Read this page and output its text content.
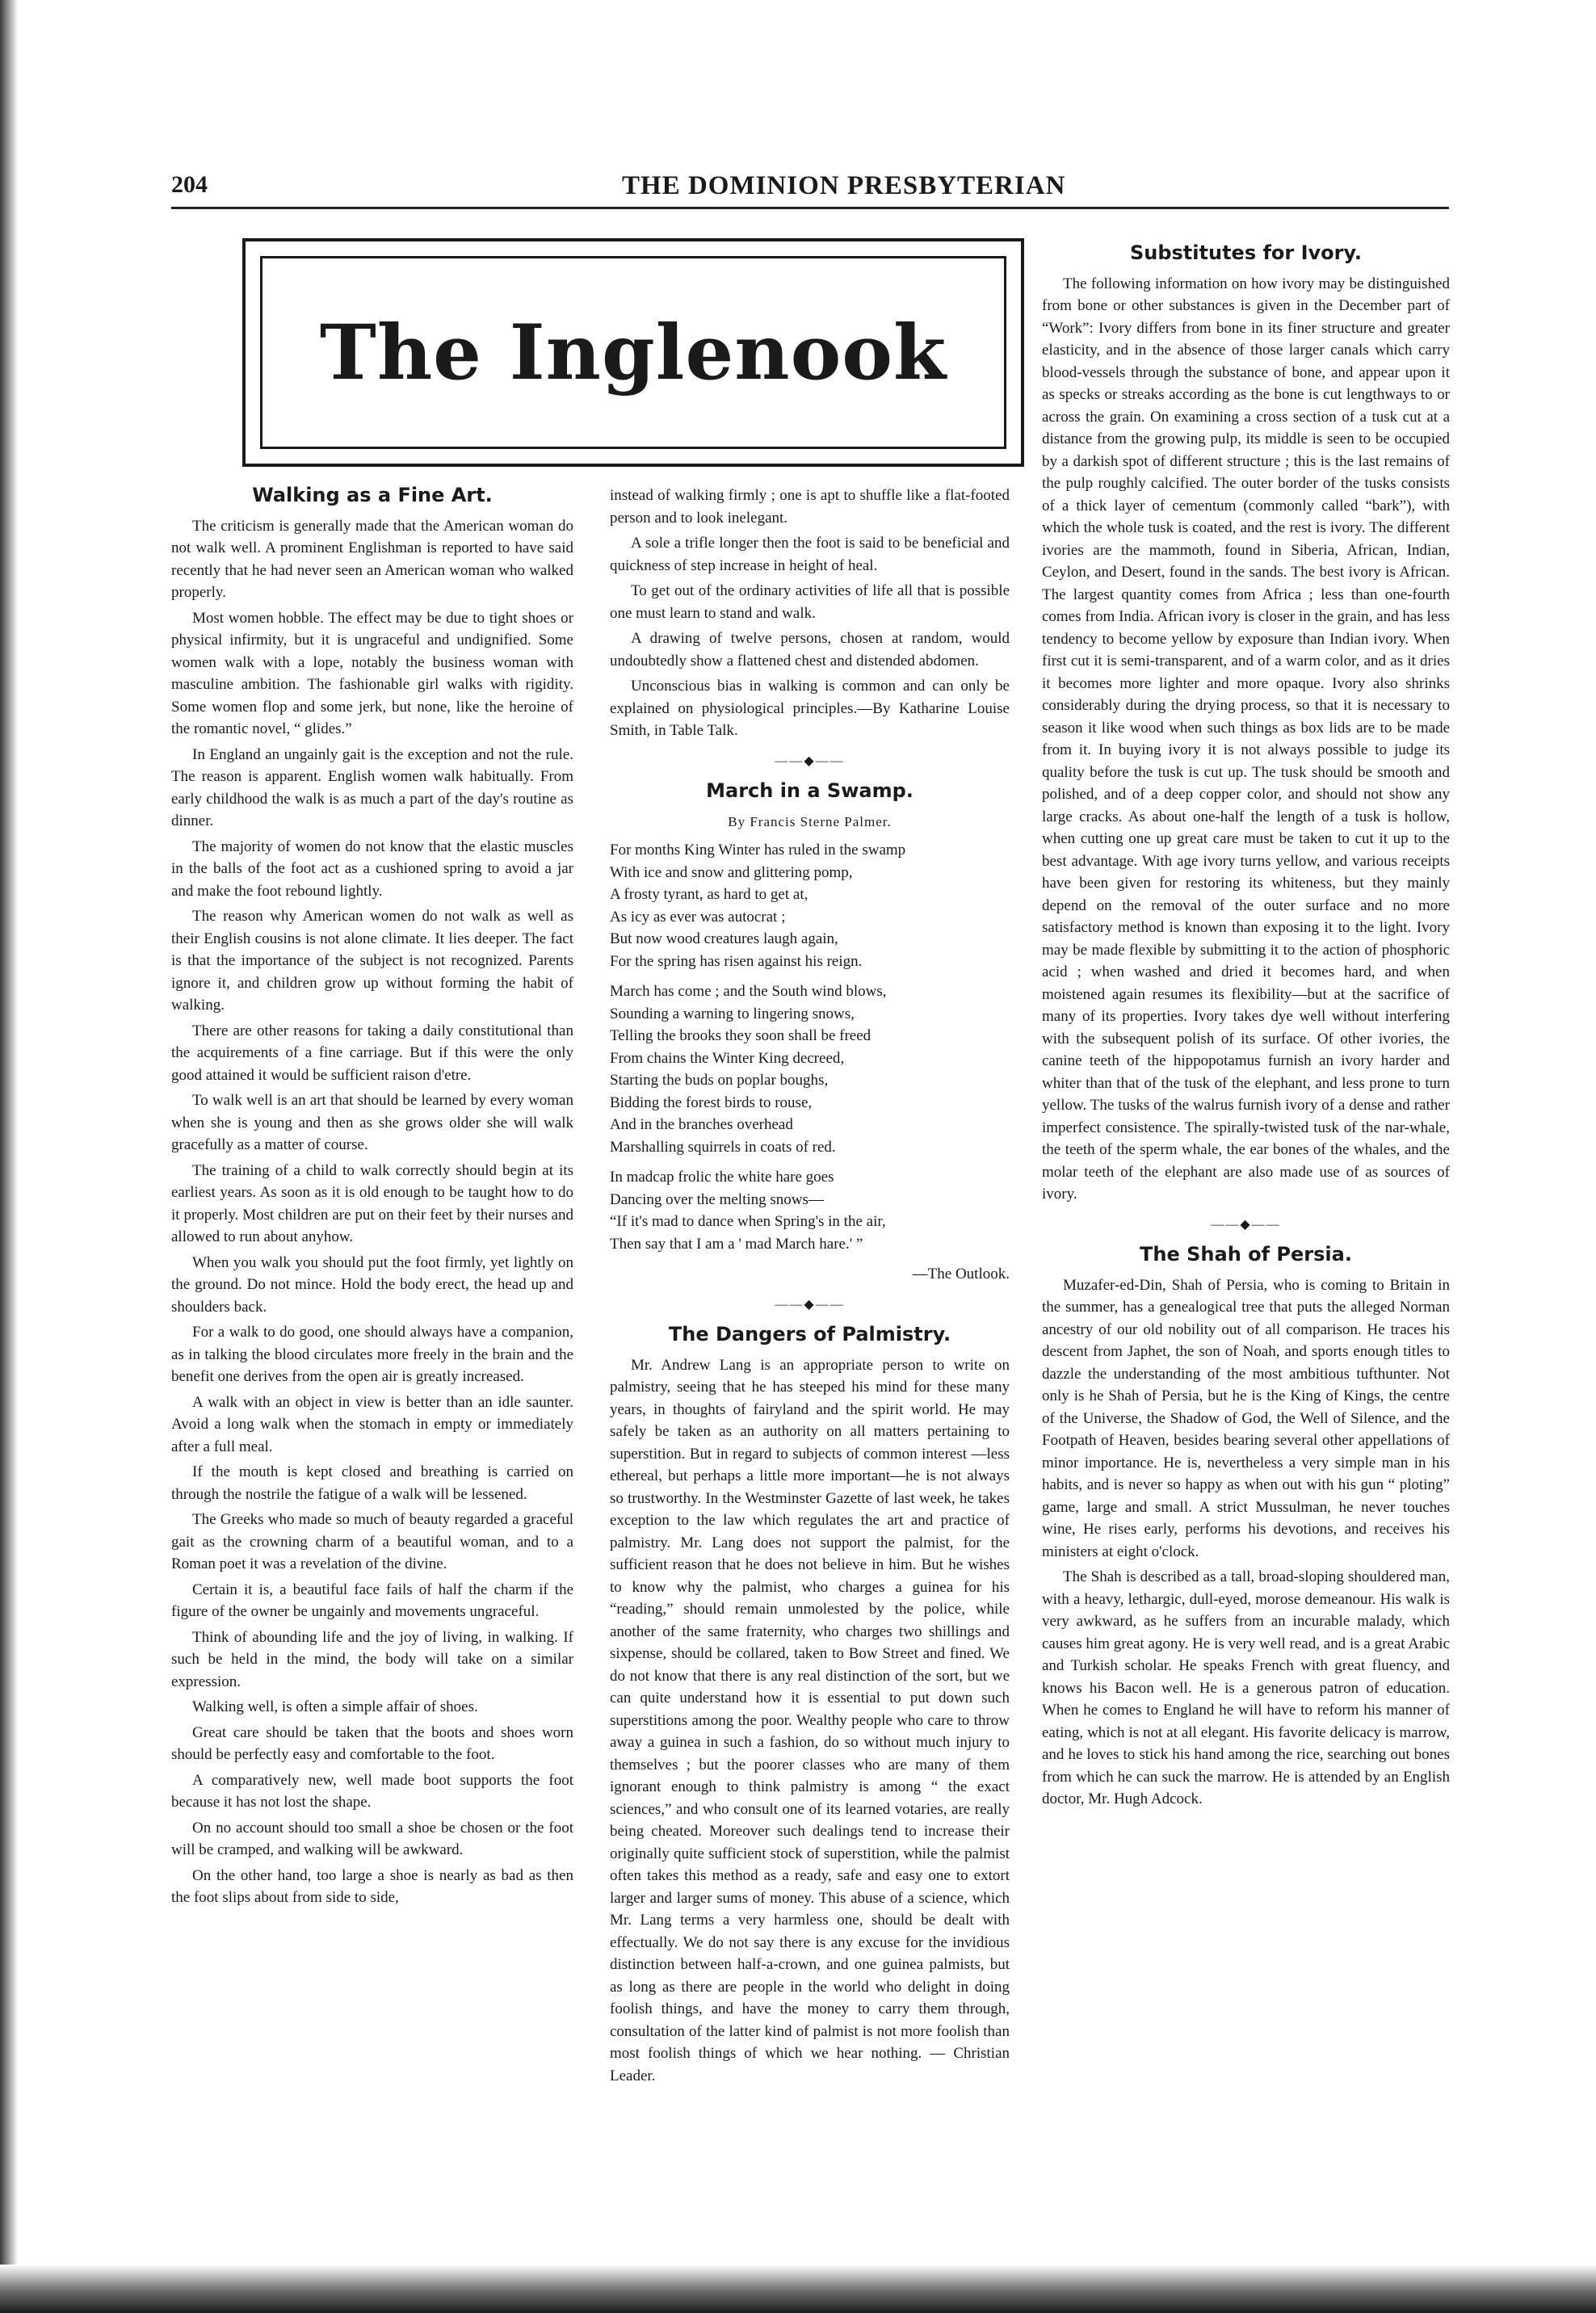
204	THE DOMINION PRESBYTERIAN
The Inglenook
Walking as a Fine Art.

The criticism is generally made that the American woman do not walk well. A prominent Englishman is reported to have said recently that he had never seen an American woman who walked properly.

Most women hobble. The effect may be due to tight shoes or physical infirmity, but it is ungraceful and undignified. Some women walk with a lope, notably the business woman with masculine ambition. The fashionable girl walks with rigidity. Some women flop and some jerk, but none, like the heroine of the romantic novel, “ glides.”

In England an ungainly gait is the exception and not the rule. The reason is apparent. English women walk habitually. From early childhood the walk is as much a part of the day's routine as dinner.

The majority of women do not know that the elastic muscles in the balls of the foot act as a cushioned spring to avoid a jar and make the foot rebound lightly.

The reason why American women do not walk as well as their English cousins is not alone climate. It lies deeper. The fact is that the importance of the subject is not recognized. Parents ignore it, and children grow up without forming the habit of walking.

There are other reasons for taking a daily constitutional than the acquirements of a fine carriage. But if this were the only good attained it would be sufficient raison d'etre.

To walk well is an art that should be learned by every woman when she is young and then as she grows older she will walk gracefully as a matter of course.

The training of a child to walk correctly should begin at its earliest years. As soon as it is old enough to be taught how to do it properly. Most children are put on their feet by their nurses and allowed to run about anyhow.

When you walk you should put the foot firmly, yet lightly on the ground. Do not mince. Hold the body erect, the head up and shoulders back.

For a walk to do good, one should always have a companion, as in talking the blood circulates more freely in the brain and the benefit one derives from the open air is greatly increased.

A walk with an object in view is better than an idle saunter. Avoid a long walk when the stomach in empty or immediately after a full meal.

If the mouth is kept closed and breathing is carried on through the nostrile the fatigue of a walk will be lessened.

The Greeks who made so much of beauty regarded a graceful gait as the crowning charm of a beautiful woman, and to a Roman poet it was a revelation of the divine.

Certain it is, a beautiful face fails of half the charm if the figure of the owner be ungainly and movements ungraceful.

Think of abounding life and the joy of living, in walking. If such be held in the mind, the body will take on a similar expression.

Walking well, is often a simple affair of shoes.

Great care should be taken that the boots and shoes worn should be perfectly easy and comfortable to the foot.

A comparatively new, well made boot supports the foot because it has not lost the shape.

On no account should too small a shoe be chosen or the foot will be cramped, and walking will be awkward.

On the other hand, too large a shoe is nearly as bad as then the foot slips about from side to side,

instead of walking firmly ; one is apt to shuffle like a flat-footed person and to look inelegant.

A sole a trifle longer then the foot is said to be beneficial and quickness of step increase in height of heal.

To get out of the ordinary activities of life all that is possible one must learn to stand and walk.

A drawing of twelve persons, chosen at random, would undoubtedly show a flattened chest and distended abdomen.

Unconscious bias in walking is common and can only be explained on physiological principles.—By Katharine Louise Smith, in Table Talk.

——◆——
March in a Swamp.
By Francis Sterne Palmer.
For months King Winter has ruled in the swamp
With ice and snow and glittering pomp,
A frosty tyrant, as hard to get at,
As icy as ever was autocrat ;
But now wood creatures laugh again,
For the spring has risen against his reign.
March has come ; and the South wind blows,
Sounding a warning to lingering snows,
Telling the brooks they soon shall be freed
From chains the Winter King decreed,
Starting the buds on poplar boughs,
Bidding the forest birds to rouse,
And in the branches overhead
Marshalling squirrels in coats of red.
In madcap frolic the white hare goes
Dancing over the melting snows—
“If it's mad to dance when Spring's in the air,
Then say that I am a ' mad March hare.' ”
—The Outlook.
——◆——
The Dangers of Palmistry.

Mr. Andrew Lang is an appropriate person to write on palmistry, seeing that he has steeped his mind for these many years, in thoughts of fairyland and the spirit world. He may safely be taken as an authority on all matters pertaining to superstition. But in regard to subjects of common interest —less ethereal, but perhaps a little more important—he is not always so trustworthy. In the Westminster Gazette of last week, he takes exception to the law which regulates the art and practice of palmistry. Mr. Lang does not support the palmist, for the sufficient reason that he does not believe in him. But he wishes to know why the palmist, who charges a guinea for his “reading,” should remain unmolested by the police, while another of the same fraternity, who charges two shillings and sixpense, should be collared, taken to Bow Street and fined. We do not know that there is any real distinction of the sort, but we can quite understand how it is essential to put down such superstitions among the poor. Wealthy people who care to throw away a guinea in such a fashion, do so without much injury to themselves ; but the poorer classes who are many of them ignorant enough to think palmistry is among “ the exact sciences,” and who consult one of its learned votaries, are really being cheated. Moreover such dealings tend to increase their originally quite sufficient stock of superstition, while the palmist often takes this method as a ready, safe and easy one to extort larger and larger sums of money. This abuse of a science, which Mr. Lang terms a very harmless one, should be dealt with effectually. We do not say there is any excuse for the invidious distinction between half-a-crown, and one guinea palmists, but as long as there are people in the world who delight in doing foolish things, and have the money to carry them through, consultation of the latter kind of palmist is not more foolish than most foolish things of which we hear nothing. — Christian Leader.

Substitutes for Ivory.

The following information on how ivory may be distinguished from bone or other substances is given in the December part of “Work”: Ivory differs from bone in its finer structure and greater elasticity, and in the absence of those larger canals which carry blood-vessels through the substance of bone, and appear upon it as specks or streaks according as the bone is cut lengthways to or across the grain. On examining a cross section of a tusk cut at a distance from the growing pulp, its middle is seen to be occupied by a darkish spot of different structure ; this is the last remains of the pulp roughly calcified. The outer border of the tusks consists of a thick layer of cementum (commonly called “bark”), with which the whole tusk is coated, and the rest is ivory. The different ivories are the mammoth, found in Siberia, African, Indian, Ceylon, and Desert, found in the sands. The best ivory is African. The largest quantity comes from Africa ; less than one-fourth comes from India. African ivory is closer in the grain, and has less tendency to become yellow by exposure than Indian ivory. When first cut it is semi-transparent, and of a warm color, and as it dries it becomes more lighter and more opaque. Ivory also shrinks considerably during the drying process, so that it is necessary to season it like wood when such things as box lids are to be made from it. In buying ivory it is not always possible to judge its quality before the tusk is cut up. The tusk should be smooth and polished, and of a deep copper color, and should not show any large cracks. As about one-half the length of a tusk is hollow, when cutting one up great care must be taken to cut it up to the best advantage. With age ivory turns yellow, and various receipts have been given for restoring its whiteness, but they mainly depend on the removal of the outer surface and no more satisfactory method is known than exposing it to the light. Ivory may be made flexible by submitting it to the action of phosphoric acid ; when washed and dried it becomes hard, and when moistened again resumes its flexibility—but at the sacrifice of many of its properties. Ivory takes dye well without interfering with the subsequent polish of its surface. Of other ivories, the canine teeth of the hippopotamus furnish an ivory harder and whiter than that of the tusk of the elephant, and less prone to turn yellow. The tusks of the walrus furnish ivory of a dense and rather imperfect consistence. The spirally-twisted tusk of the nar-whale, the teeth of the sperm whale, the ear bones of the whales, and the molar teeth of the elephant are also made use of as sources of ivory.

——◆——
The Shah of Persia.

Muzafer-ed-Din, Shah of Persia, who is coming to Britain in the summer, has a genealogical tree that puts the alleged Norman ancestry of our old nobility out of all comparison. He traces his descent from Japhet, the son of Noah, and sports enough titles to dazzle the understanding of the most ambitious tufthunter. Not only is he Shah of Persia, but he is the King of Kings, the centre of the Universe, the Shadow of God, the Well of Silence, and the Footpath of Heaven, besides bearing several other appellations of minor importance. He is, nevertheless a very simple man in his habits, and is never so happy as when out with his gun “ ploting” game, large and small. A strict Mussulman, he never touches wine, He rises early, performs his devotions, and receives his ministers at eight o'clock.

The Shah is described as a tall, broad-sloping shouldered man, with a heavy, lethargic, dull-eyed, morose demeanour. His walk is very awkward, as he suffers from an incurable malady, which causes him great agony. He is very well read, and is a great Arabic and Turkish scholar. He speaks French with great fluency, and knows his Bacon well. He is a generous patron of education. When he comes to England he will have to reform his manner of eating, which is not at all elegant. His favorite delicacy is marrow, and he loves to stick his hand among the rice, searching out bones from which he can suck the marrow. He is attended by an English doctor, Mr. Hugh Adcock.
